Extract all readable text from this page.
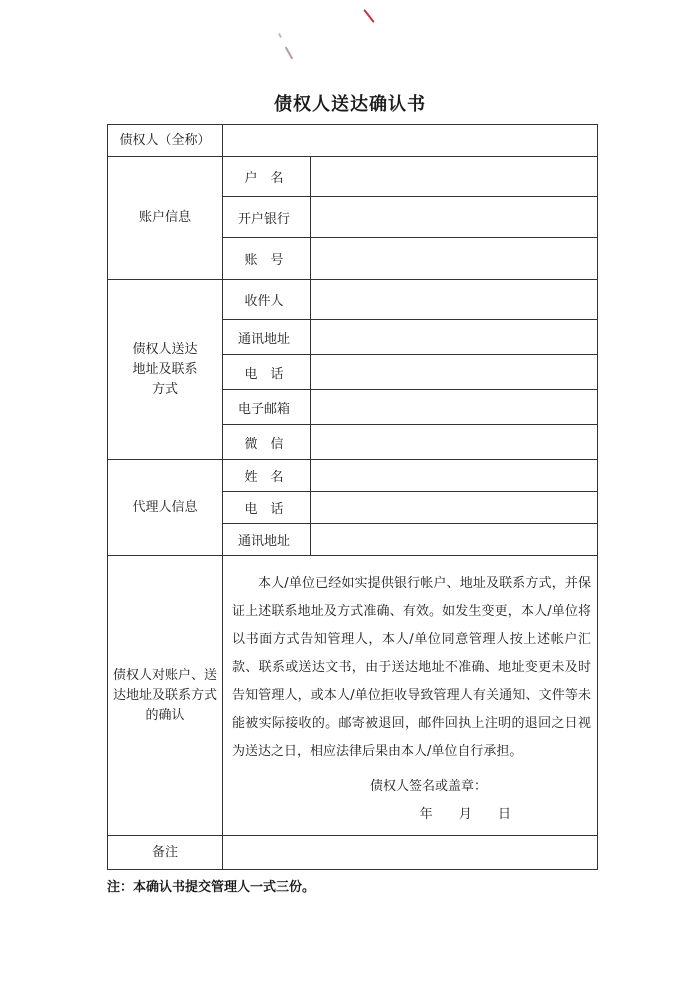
债权人送达确认书
债权人（全称）		
账户信息	户　名	
	开户银行	
	账　号	

债权人送达地址及联系方式	收件人	
	通讯地址	
	电　话	
	电子邮箱	
	微　信	
代理人信息	姓　名	
	电　话	
	通讯地址	

债权人对账户、送达地址及联系方式 的确认	本人/单位已经如实提供银行帐户、地址及联系方式，并保证上述联系地址及方式准确、有效。如发生变更，本人/单位将以书面方式告知管理人，本人/单位同意管理人按上述帐户汇款、联系或送达文书，由于送达地址不准确、地址变更未及时告知管理人，或本人/单位拒收导致管理人有关通知、文件等未能被实际接收的。邮寄被退回，邮件回执上注明的退回之日视为送达之日，相应法律后果由本人/单位自行承担。
债权人签名或盖章：
年 月 日	

备注		
注：本确认书提交管理人一式三份。
